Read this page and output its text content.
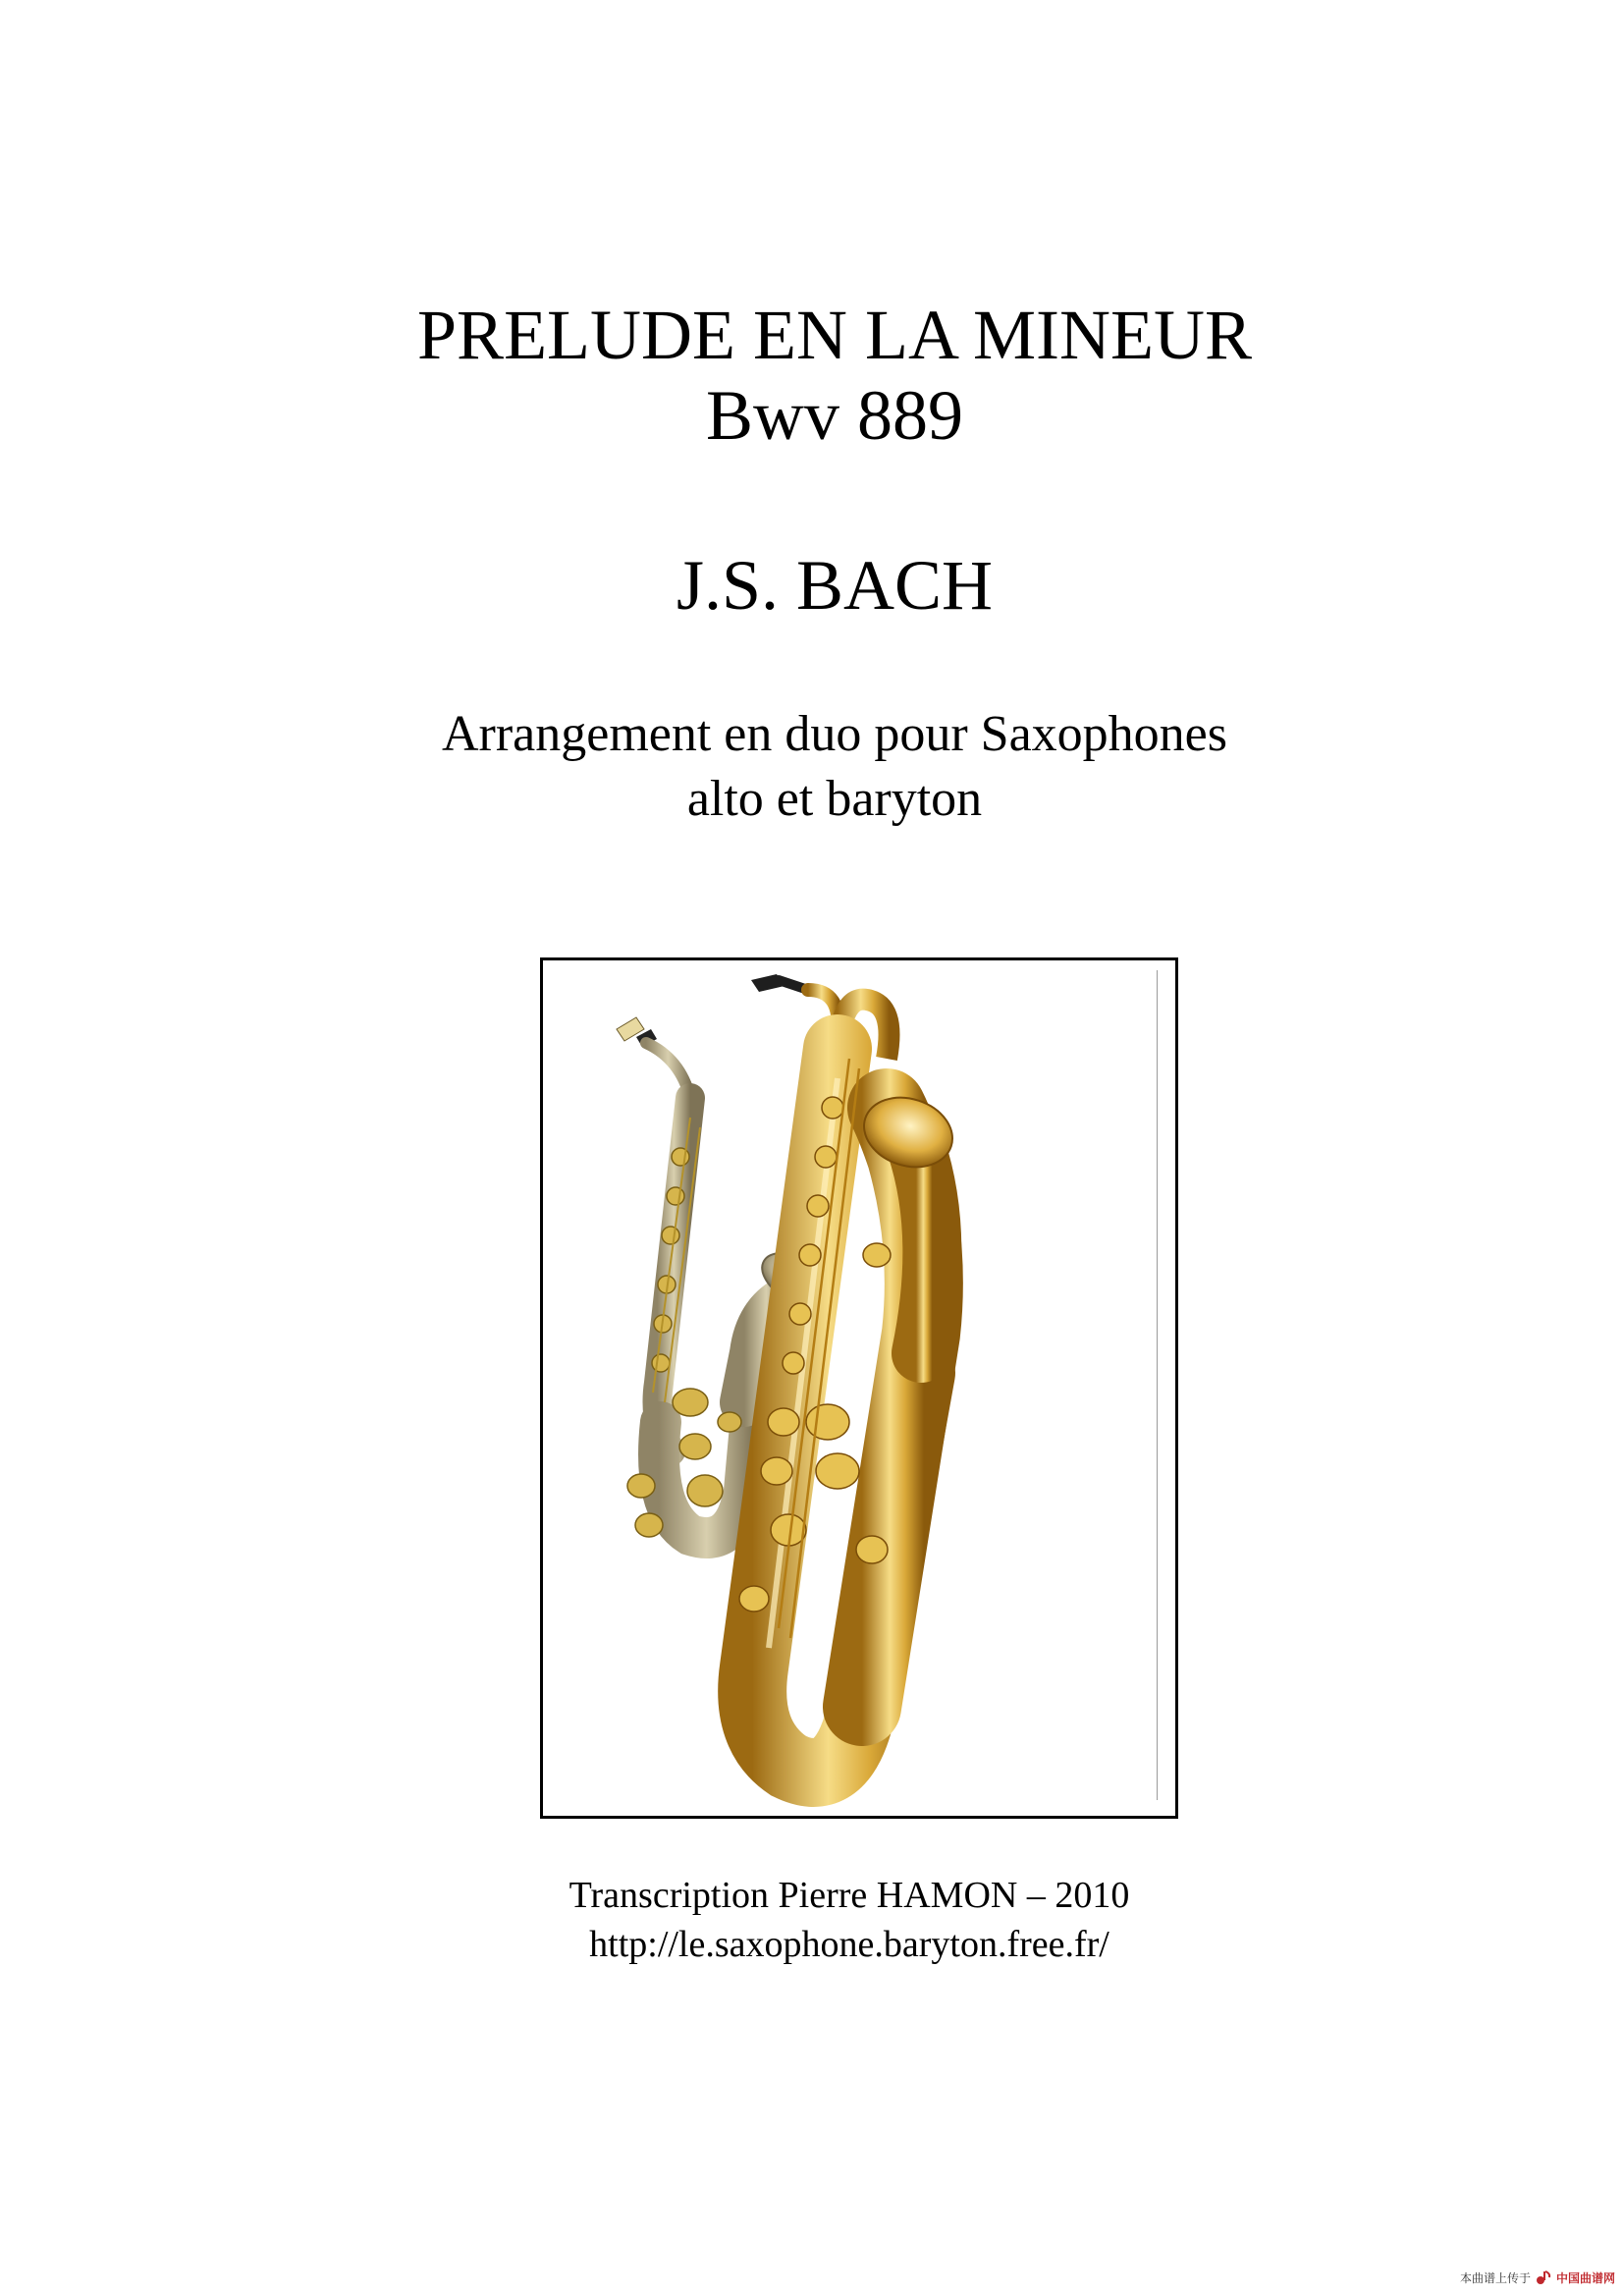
PRELUDE EN LA MINEUR
Bwv 889
J.S. BACH
Arrangement en duo pour Saxophones
alto et baryton
Transcription Pierre HAMON – 2010
http://le.saxophone.baryton.free.fr/
本曲谱上传于 中国曲谱网
